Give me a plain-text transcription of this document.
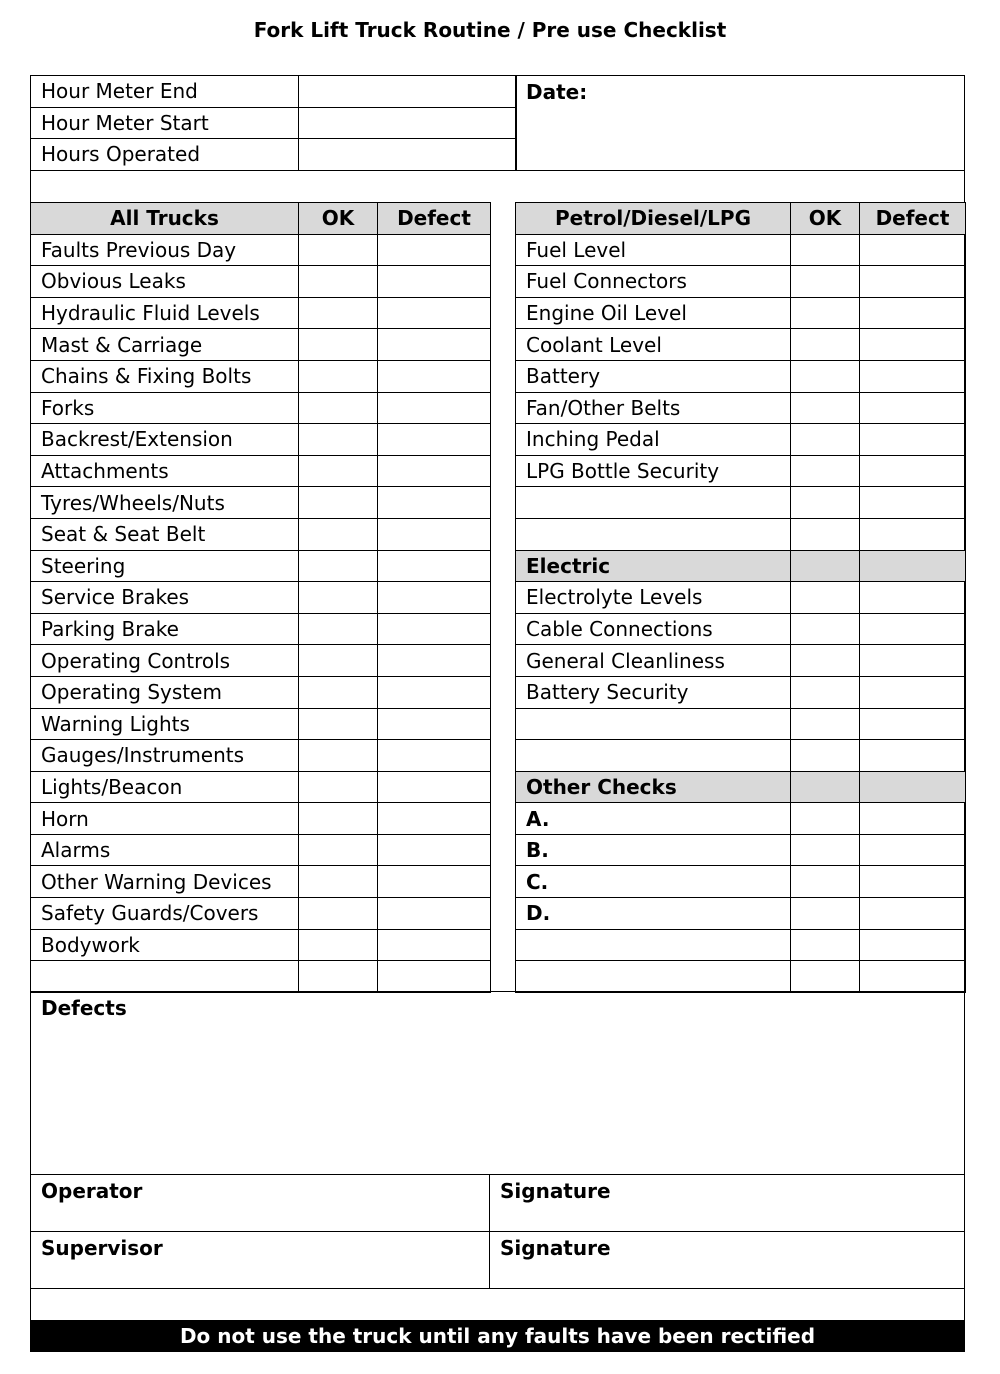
Fork Lift Truck Routine / Pre use Checklist
Hour Meter End	
Hour Meter Start	
Hours Operated	
Date:
All Trucks	OK	Defect
Faults Previous Day		
Obvious Leaks		
Hydraulic Fluid Levels		
Mast & Carriage		
Chains & Fixing Bolts		
Forks		
Backrest/Extension		
Attachments		
Tyres/Wheels/Nuts		
Seat & Seat Belt		
Steering		
Service Brakes		
Parking Brake		
Operating Controls		
Operating System		
Warning Lights		
Gauges/Instruments		
Lights/Beacon		
Horn		
Alarms		
Other Warning Devices		
Safety Guards/Covers		
Bodywork		

Petrol/Diesel/LPG	OK	Defect
Fuel Level		
Fuel Connectors		
Engine Oil Level		
Coolant Level		
Battery		
Fan/Other Belts		
Inching Pedal		
LPG Bottle Security		

Electric		
Electrolyte Levels		
Cable Connections		
General Cleanliness		
Battery Security		

Other Checks		
A.		
B.		
C.		
D.		

Defects
Operator	Signature
Supervisor	Signature
Do not use the truck until any faults have been rectified
